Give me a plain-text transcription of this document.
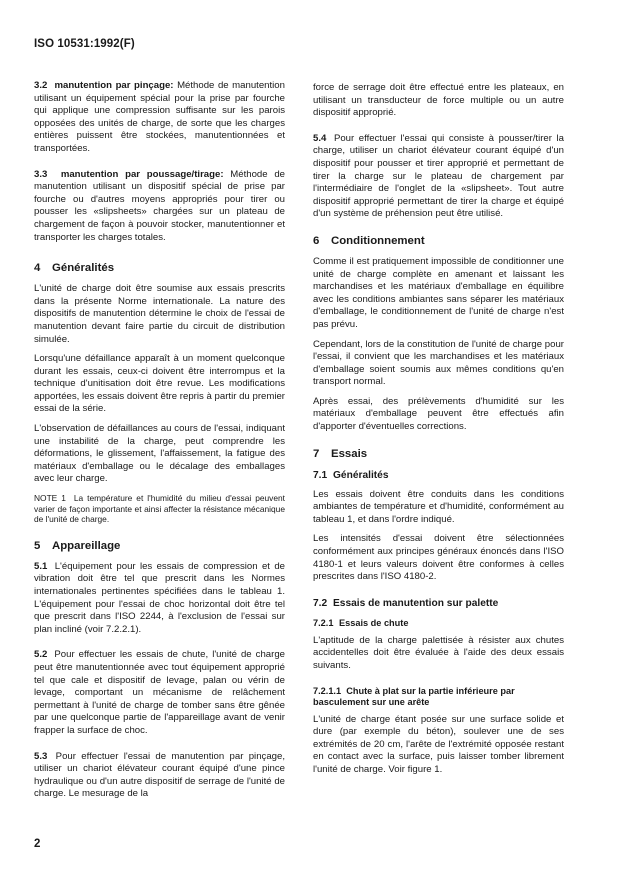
ISO 10531:1992(F)

3.2 manutention par pinçage: Méthode de manutention utilisant un équipement spécial pour la prise par fourche qui applique une compression suffisante sur les parois opposées des unités de charge, de sorte que les charges entières puissent être stockées, manutentionnées et transportées.

3.3 manutention par poussage/tirage: Méthode de manutention utilisant un dispositif spécial de prise par fourche ou d'autres moyens appropriés pour tirer ou pousser les «slipsheets» chargées sur un plateau de chargement de façon à pouvoir stocker, manutentionner et transporter les charges totales.

4 Généralités

L'unité de charge doit être soumise aux essais prescrits dans la présente Norme internationale. La nature des dispositifs de manutention détermine le choix de l'essai de manutention devant faire partie du circuit de distribution simulée.

Lorsqu'une défaillance apparaît à un moment quelconque durant les essais, ceux-ci doivent être interrompus et la technique d'unitisation doit être revue. Les modifications apportées, les essais doivent être repris à partir du premier essai de la série.

L'observation de défaillances au cours de l'essai, indiquant une instabilité de la charge, peut comprendre les déformations, le glissement, l'affaissement, la fatigue des matériaux d'emballage ou le décalage des emballages avec leur charge.

NOTE 1 La température et l'humidité du milieu d'essai peuvent varier de façon importante et ainsi affecter la résistance mécanique de l'unité de charge.
5 Appareillage

5.1 L'équipement pour les essais de compression et de vibration doit être tel que prescrit dans les Normes internationales pertinentes spécifiées dans le tableau 1. L'équipement pour l'essai de choc horizontal doit être tel que prescrit dans l'ISO 2244, à l'exclusion de l'essai sur plan incliné (voir 7.2.2.1).

5.2 Pour effectuer les essais de chute, l'unité de charge peut être manutentionnée avec tout équipement approprié tel que cale et dispositif de levage, palan ou vérin de levage, comportant un mécanisme de relâchement permettant à l'unité de charge de tomber sans être gênée par une quelconque partie de l'appareillage avant de venir frapper la surface de choc.

5.3 Pour effectuer l'essai de manutention par pinçage, utiliser un chariot élévateur courant équipé d'une pince hydraulique ou d'un autre dispositif de serrage de l'unité de charge. Le mesurage de la

force de serrage doit être effectué entre les plateaux, en utilisant un transducteur de force multiple ou un autre dispositif approprié.

5.4 Pour effectuer l'essai qui consiste à pousser/tirer la charge, utiliser un chariot élévateur courant équipé d'un dispositif pour pousser et tirer approprié et permettant de tirer la charge sur le plateau de chargement par l'intermédiaire de l'onglet de la «slipsheet». Tout autre dispositif approprié permettant de tirer la charge et équipé d'un système de préhension peut être utilisé.

6 Conditionnement

Comme il est pratiquement impossible de conditionner une unité de charge complète en amenant et laissant les marchandises et les matériaux d'emballage en équilibre avec les conditions ambiantes sans séparer les matériaux d'emballage, le conditionnement de l'unité de charge n'est pas prévu.

Cependant, lors de la constitution de l'unité de charge pour l'essai, il convient que les marchandises et les matériaux d'emballage soient soumis aux mêmes conditions qu'en transport normal.

Après essai, des prélèvements d'humidité sur les matériaux d'emballage peuvent être effectués afin d'apporter d'éventuelles corrections.

7 Essais
7.1 Généralités

Les essais doivent être conduits dans les conditions ambiantes de température et d'humidité, conformément au tableau 1, et dans l'ordre indiqué.

Les intensités d'essai doivent être sélectionnées conformément aux principes généraux énoncés dans l'ISO 4180-1 et leurs valeurs doivent être conformes à celles prescrites dans l'ISO 4180-2.

7.2 Essais de manutention sur palette
7.2.1 Essais de chute

L'aptitude de la charge palettisée à résister aux chutes accidentelles doit être évaluée à l'aide des deux essais suivants.

7.2.1.1 Chute à plat sur la partie inférieure par basculement sur une arête

L'unité de charge étant posée sur une surface solide et dure (par exemple du béton), soulever une de ses extrémités de 20 cm, l'arête de l'extrémité opposée restant en contact avec la surface, puis laisser tomber librement l'unité de charge. Voir figure 1.

2
